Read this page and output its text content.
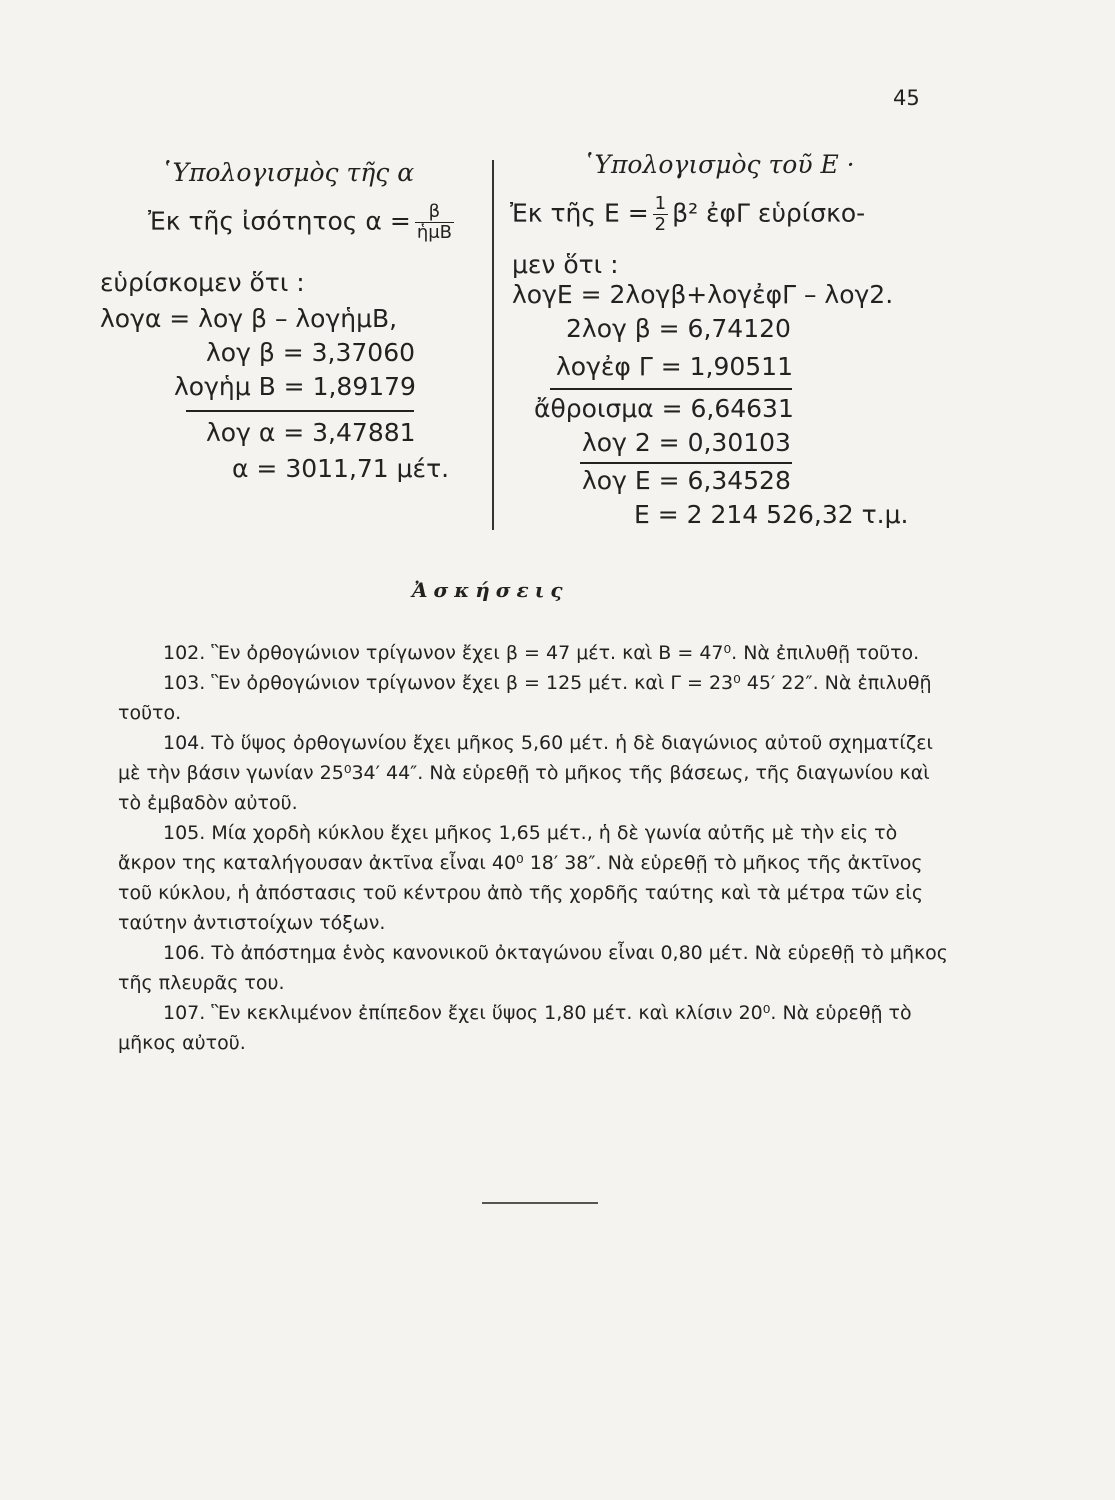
45
῾Υπολογισμὸς τῆς α
Ἐκ τῆς ἰσότητος $\alpha = \frac{\beta}{\text{ἡμΒ}}$
εὑρίσκομεν ὅτι :
λογα = λογ β – λογἡμΒ,
λογ β = 3,37060
λογἡμ Β = 1,89179
λογ α = 3,47881
α = 3011,71 μέτ.
῾Υπολογισμὸς τοῦ Ε ·
Ἐκ τῆς $E = \frac{1}{2} \beta^2$ ἐφΓ εὑρίσκο-
μεν ὅτι :
λογΕ = 2λογβ+λογἐφΓ – λογ2.
2λογ β = 6,74120
λογἐφ Γ = 1,90511
ἄθροισμα = 6,64631
λογ 2 = 0,30103
λογ Ε = 6,34528
Ε = 2 214 526,32 τ.μ.
Ἀσκήσεις

102. Ἓν ὀρθογώνιον τρίγωνον ἔχει β = 47 μέτ. καὶ Β = 47⁰. Νὰ ἐπιλυθῇ τοῦτο.

103. Ἓν ὀρθογώνιον τρίγωνον ἔχει β = 125 μέτ. καὶ Γ = 23⁰ 45′ 22″. Νὰ ἐπιλυθῇ τοῦτο.

104. Τὸ ὕψος ὀρθογωνίου ἔχει μῆκος 5,60 μέτ. ἡ δὲ διαγώνιος αὐτοῦ σχηματίζει μὲ τὴν βάσιν γωνίαν 25⁰34′ 44″. Νὰ εὑρεθῇ τὸ μῆκος τῆς βάσεως, τῆς διαγωνίου καὶ τὸ ἐμβαδὸν αὐτοῦ.

105. Μία χορδὴ κύκλου ἔχει μῆκος 1,65 μέτ., ἡ δὲ γωνία αὐτῆς μὲ τὴν εἰς τὸ ἄκρον της καταλήγουσαν ἀκτῖνα εἶναι 40⁰ 18′ 38″. Νὰ εὑρεθῇ τὸ μῆκος τῆς ἀκτῖνος τοῦ κύκλου, ἡ ἀπόστασις τοῦ κέντρου ἀπὸ τῆς χορδῆς ταύτης καὶ τὰ μέτρα τῶν εἰς ταύτην ἀντιστοίχων τόξων.

106. Τὸ ἀπόστημα ἑνὸς κανονικοῦ ὀκταγώνου εἶναι 0,80 μέτ. Νὰ εὑρεθῇ τὸ μῆκος τῆς πλευρᾶς του.

107. Ἓν κεκλιμένον ἐπίπεδον ἔχει ὕψος 1,80 μέτ. καὶ κλίσιν 20⁰. Νὰ εὑρεθῇ τὸ μῆκος αὐτοῦ.
